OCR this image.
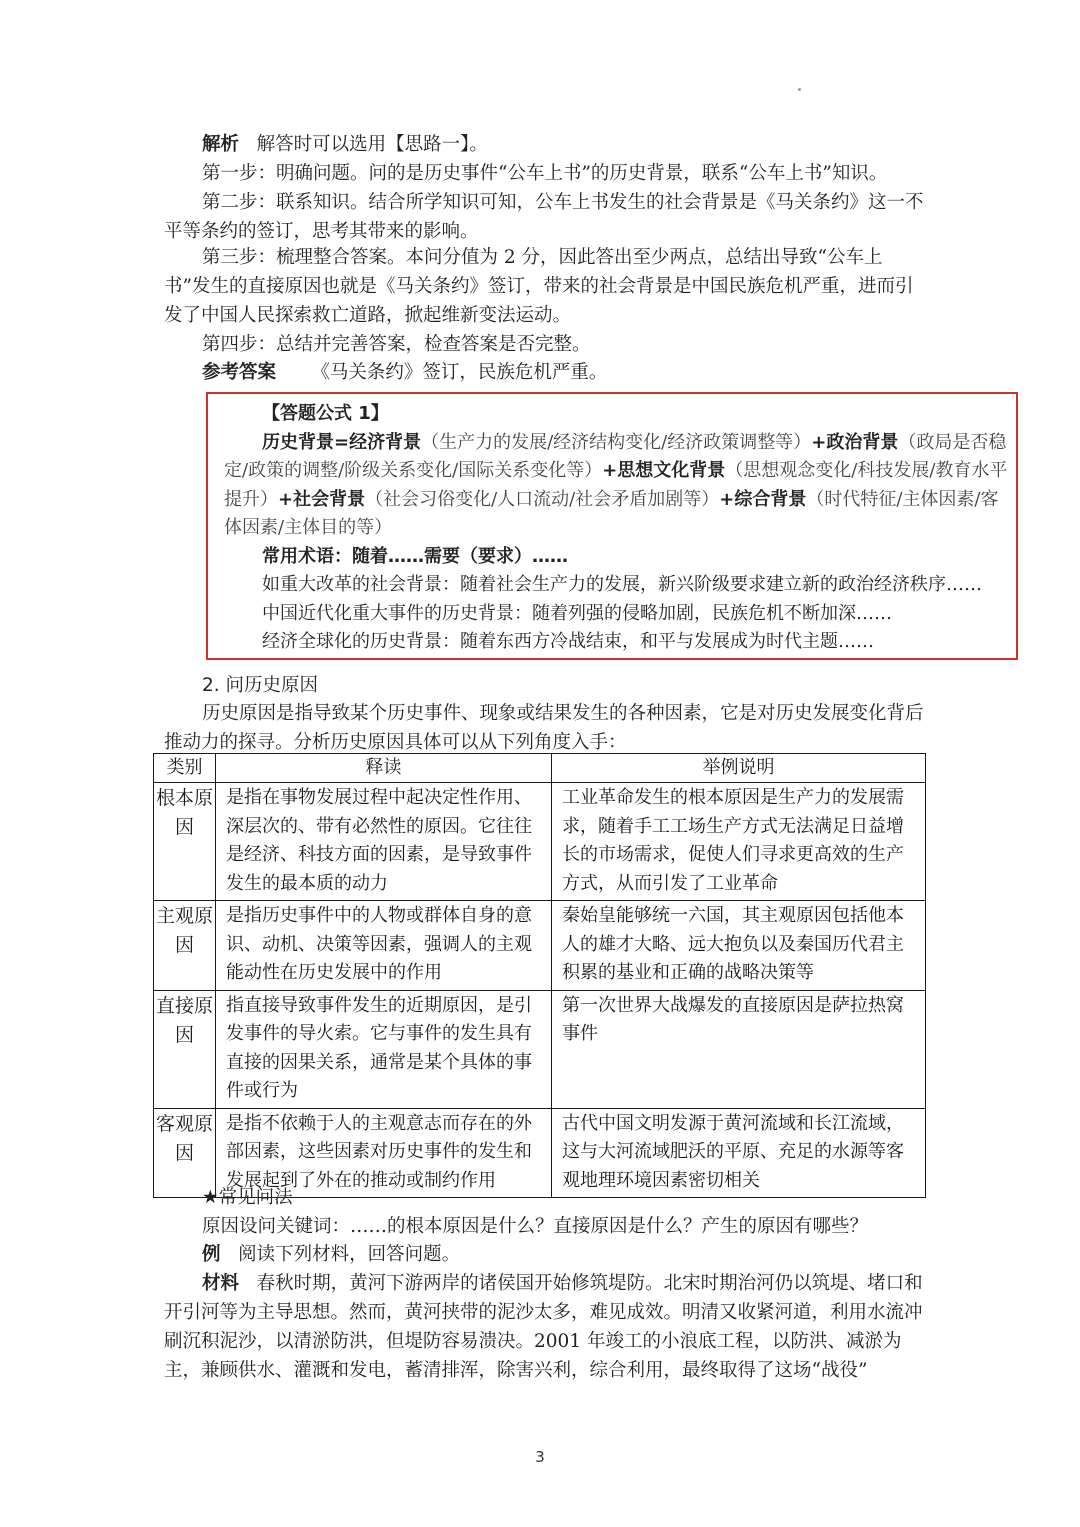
解析 解答时可以选用【思路一】。

第一步：明确问题。问的是历史事件“公车上书”的历史背景，联系“公车上书”知识。

第二步：联系知识。结合所学知识可知，公车上书发生的社会背景是《马关条约》这一不平等条约的签订，思考其带来的影响。

第三步：梳理整合答案。本问分值为 2 分，因此答出至少两点，总结出导致“公车上书”发生的直接原因也就是《马关条约》签订，带来的社会背景是中国民族危机严重，进而引发了中国人民探索救亡道路，掀起维新变法运动。

第四步：总结并完善答案，检查答案是否完整。

参考答案 《马关条约》签订，民族危机严重。

【答题公式 1】

历史背景=经济背景（生产力的发展/经济结构变化/经济政策调整等）+政治背景（政局是否稳定/政策的调整/阶级关系变化/国际关系变化等）+思想文化背景（思想观念变化/科技发展/教育水平提升）+社会背景（社会习俗变化/人口流动/社会矛盾加剧等）+综合背景（时代特征/主体因素/客体因素/主体目的等）

常用术语：随着……需要（要求）……

如重大改革的社会背景：随着社会生产力的发展，新兴阶级要求建立新的政治经济秩序……

中国近代化重大事件的历史背景：随着列强的侵略加剧，民族危机不断加深……

经济全球化的历史背景：随着东西方冷战结束，和平与发展成为时代主题……

2. 问历史原因

历史原因是指导致某个历史事件、现象或结果发生的各种因素，它是对历史发展变化背后推动力的探寻。分析历史原因具体可以从下列角度入手：

类别	释读	举例说明
根本原因	是指在事物发展过程中起决定性作用、深层次的、带有必然性的原因。它往往是经济、科技方面的因素，是导致事件发生的最本质的动力	工业革命发生的根本原因是生产力的发展需求，随着手工工场生产方式无法满足日益增长的市场需求，促使人们寻求更高效的生产方式，从而引发了工业革命
主观原因	是指历史事件中的人物或群体自身的意识、动机、决策等因素，强调人的主观能动性在历史发展中的作用	秦始皇能够统一六国，其主观原因包括他本人的雄才大略、远大抱负以及秦国历代君主积累的基业和正确的战略决策等
直接原因	指直接导致事件发生的近期原因，是引发事件的导火索。它与事件的发生具有直接的因果关系，通常是某个具体的事件或行为	第一次世界大战爆发的直接原因是萨拉热窝事件
客观原因	是指不依赖于人的主观意志而存在的外部因素，这些因素对历史事件的发生和发展起到了外在的推动或制约作用	古代中国文明发源于黄河流域和长江流域，这与大河流域肥沃的平原、充足的水源等客观地理环境因素密切相关

★常见问法

原因设问关键词：……的根本原因是什么？直接原因是什么？产生的原因有哪些？

例 阅读下列材料，回答问题。

材料 春秋时期，黄河下游两岸的诸侯国开始修筑堤防。北宋时期治河仍以筑堤、堵口和开引河等为主导思想。然而，黄河挟带的泥沙太多，难见成效。明清又收紧河道，利用水流冲刷沉积泥沙，以清淤防洪，但堤防容易溃决。2001 年竣工的小浪底工程，以防洪、减淤为主，兼顾供水、灌溉和发电，蓄清排浑，除害兴利，综合利用，最终取得了这场“战役”

3
